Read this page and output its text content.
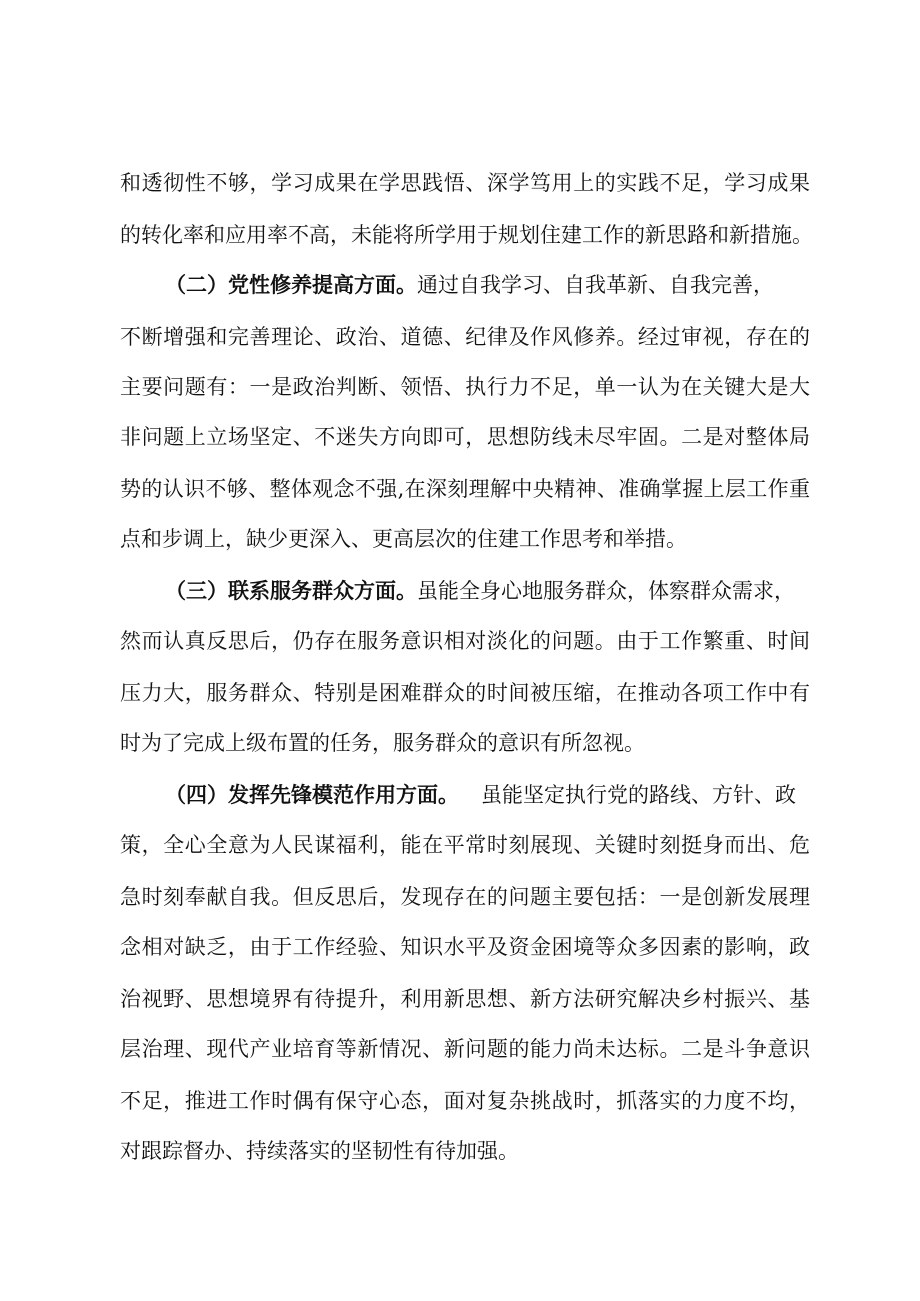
和透彻性不够，学习成果在学思践悟、深学笃用上的实践不足，学习成果
的转化率和应用率不高，未能将所学用于规划住建工作的新思路和新措施。
（二）党性修养提高方面。 通过自我学习、自我革新、自我完善，
不断增强和完善理论、政治、道德、纪律及作风修养。经过审视，存在的
主要问题有：一是政治判断、领悟、执行力不足，单一认为在关键大是大
非问题上立场坚定、不迷失方向即可，思想防线未尽牢固。二是对整体局
势的认识不够、整体观念不强,在深刻理解中央精神、准确掌握上层工作重
点和步调上，缺少更深入、更高层次的住建工作思考和举措。
（三）联系服务群众方面。 虽能全身心地服务群众，体察群众需求，
然而认真反思后，仍存在服务意识相对淡化的问题。由于工作繁重、时间
压力大，服务群众、特别是困难群众的时间被压缩，在推动各项工作中有
时为了完成上级布置的任务，服务群众的意识有所忽视。
（四）发挥先锋模范作用方面。 虽能坚定执行党的路线、方针、政
策，全心全意为人民谋福利，能在平常时刻展现、关键时刻挺身而出、危
急时刻奉献自我。但反思后，发现存在的问题主要包括：一是创新发展理
念相对缺乏，由于工作经验、知识水平及资金困境等众多因素的影响，政
治视野、思想境界有待提升，利用新思想、新方法研究解决乡村振兴、基
层治理、现代产业培育等新情况、新问题的能力尚未达标。二是斗争意识
不足，推进工作时偶有保守心态，面对复杂挑战时，抓落实的力度不均，
对跟踪督办、持续落实的坚韧性有待加强。
